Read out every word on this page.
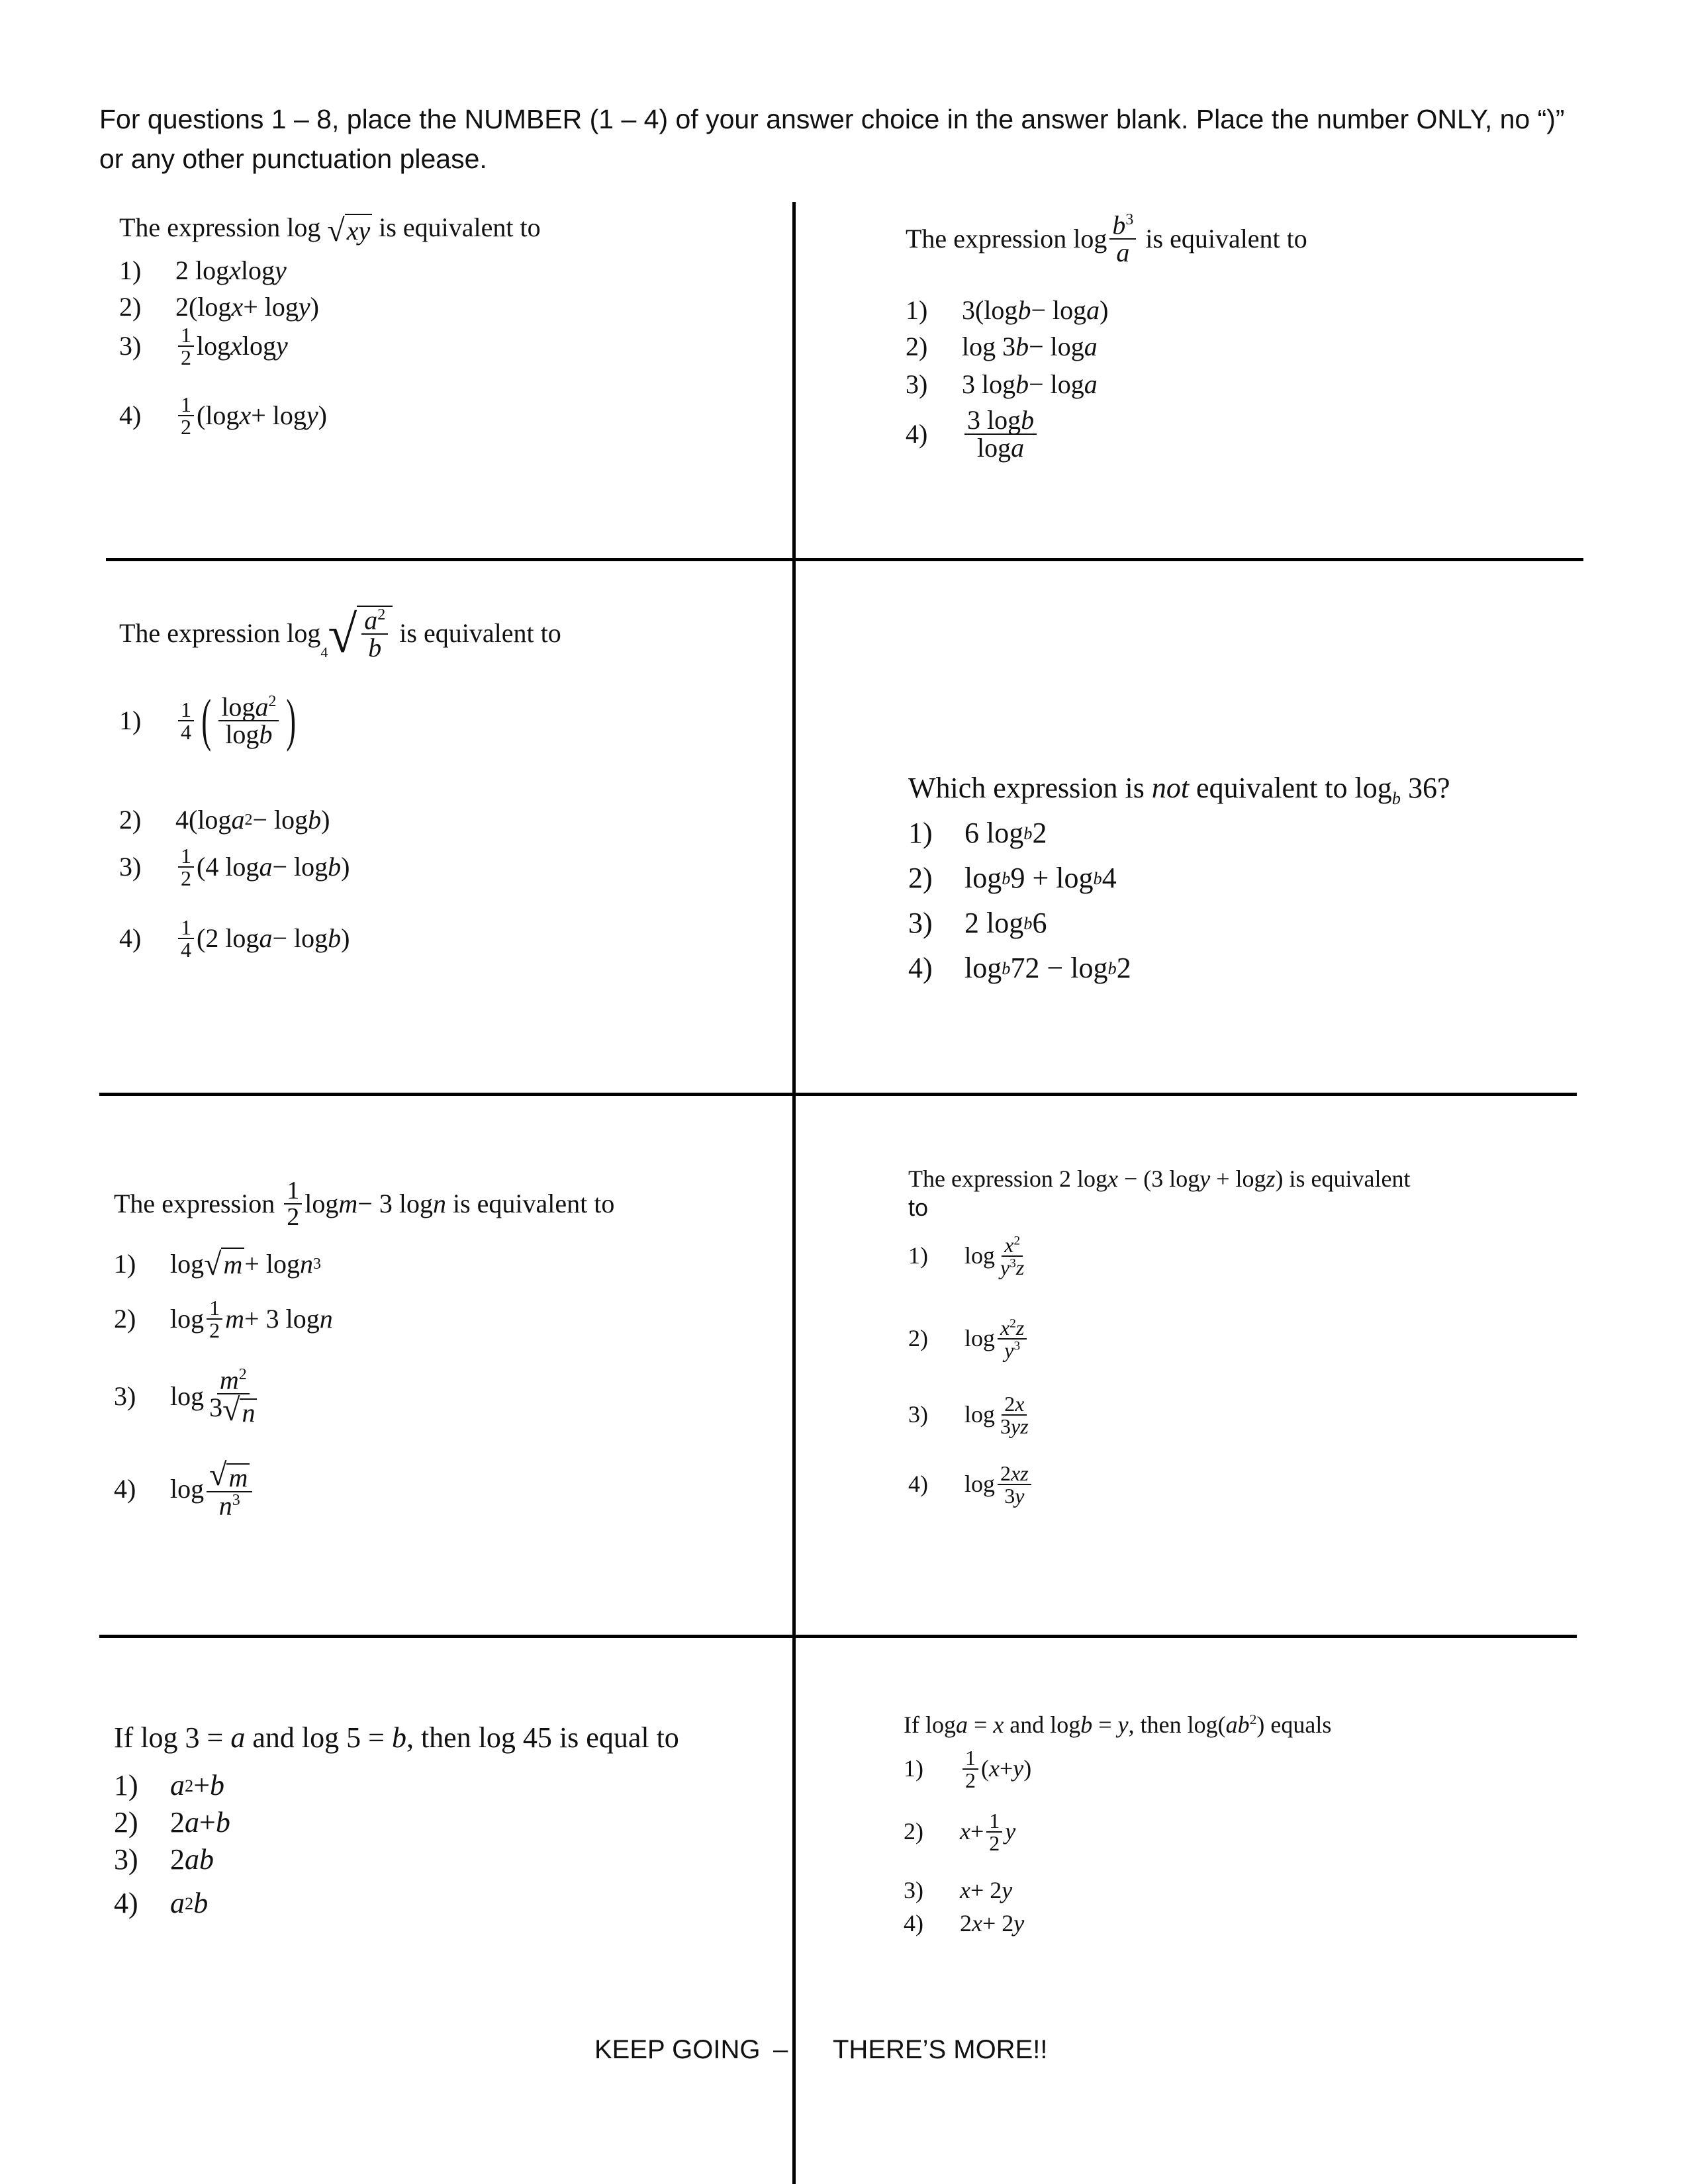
For questions 1 – 8, place the NUMBER (1 – 4) of your answer choice in the answer blank. Place the number ONLY, no “)” or any other punctuation please.
The expression log √ xy is equivalent to
1)	2 log x log y
2)	2(log x + log y )
3)	1
2 log x log y
4)	1
2 (log x + log y )
The expression $\log b^3$
a
is equivalent to
1)	3(log b − log a )
2)	log 3 b − log a
3)	3 log b − log a
4)	3 logb
loga
The expression log
4 √ $\frac{a^2}{b}$
is equivalent to
1)	1
4 ( loga$^2$
logb )
2)	4(log a 2 − log b )
3)	1
2 (4 log a − log b )
4)	1
4 (2 log a − log b )
Which expression is not equivalent to $\log_b 36$?
1)	6 log b 2
2)	log b 9 + log b 4
3)	2 log b 6
4)	log b 72 − log b 2
The expression
1
2 log m − 3 log n
is equivalent to
1)	log √ m + log n 3
2)	log 1
2 m + 3 log n
3)	log
$m^2$
3 √ n
4)	log √ m
$n^3$
The expression 2 logx − (3 logy + logz) is equivalent
to
1)	$\log x^2$
$y^3z$
2)	$\log x^2z$
$y^3$
3)	log 2x
3yz
4)	log 2xz
3y
If log 3 = a and log 5 = b, then log 45 is equal to
1)	a 2 + b
2)	2 a + b
3)	2 ab
4)	a 2 b
If loga = x and logb = y, then $\log(ab^2)$ equals
1)	1
2 ( x + y )
2)	x + 1
2 y
3)	x + 2 y
4)	2 x + 2 y
KEEP GOING – THERE’S MORE!!
